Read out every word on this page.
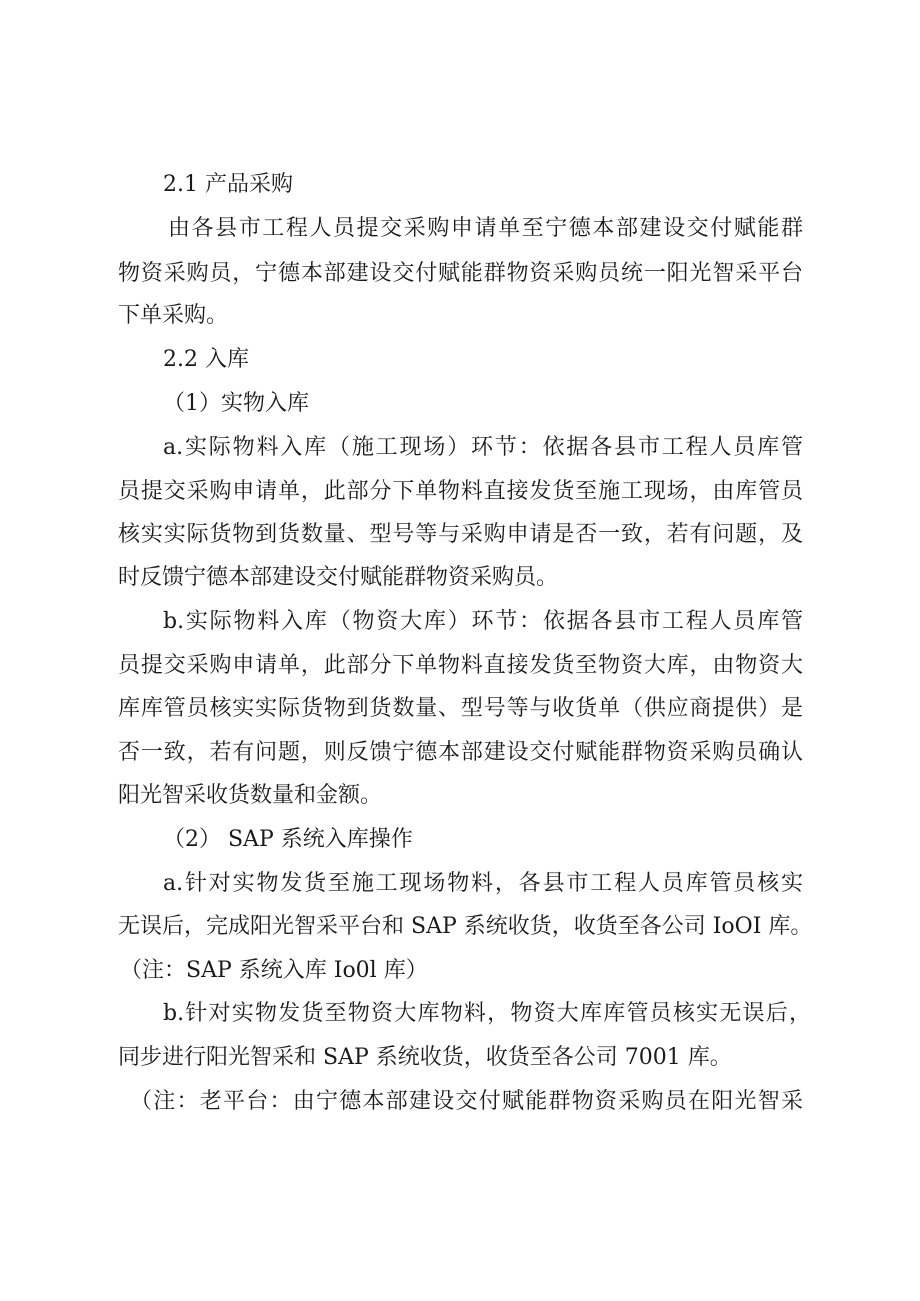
2.1 产品采购
由各县市工程人员提交采购申请单至宁德本部建设交付赋能群
物资采购员，宁德本部建设交付赋能群物资采购员统一阳光智采平台
下单采购。
2.2 入库
（1）实物入库
a.实际物料入库（施工现场）环节：依据各县市工程人员库管
员提交采购申请单，此部分下单物料直接发货至施工现场，由库管员
核实实际货物到货数量、型号等与采购申请是否一致，若有问题，及
时反馈宁德本部建设交付赋能群物资采购员。
b.实际物料入库（物资大库）环节：依据各县市工程人员库管
员提交采购申请单，此部分下单物料直接发货至物资大库，由物资大
库库管员核实实际货物到货数量、型号等与收货单（供应商提供）是
否一致，若有问题，则反馈宁德本部建设交付赋能群物资采购员确认
阳光智采收货数量和金额。
（2） SAP 系统入库操作
a.针对实物发货至施工现场物料，各县市工程人员库管员核实
无误后，完成阳光智采平台和 SAP 系统收货，收货至各公司 IoOI 库。
（注：SAP 系统入库 Io0l 库）
b.针对实物发货至物资大库物料，物资大库库管员核实无误后，
同步进行阳光智采和 SAP 系统收货，收货至各公司 7001 库。
（注：老平台：由宁德本部建设交付赋能群物资采购员在阳光智采
